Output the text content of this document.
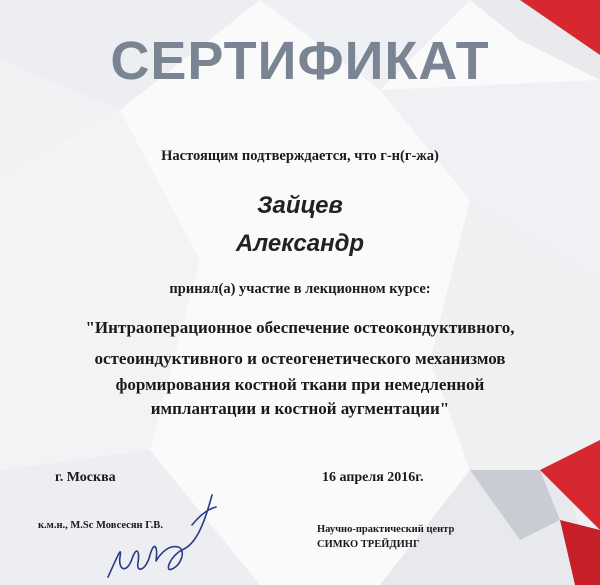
СЕРТИФИКАТ
Настоящим подтверждается, что г-н(г-жа)
Зайцев
Александр
принял(а) участие в лекционном курсе:
"Интраоперационное обеспечение остеокондуктивного,
остеоиндуктивного и остеогенетического механизмов
формирования костной ткани при немедленной
имплантации и костной аугментации"
г. Москва	16 апреля 2016г.
к.м.н., M.Sc Мовсесян Г.В.	Научно-практический центр
СИМКО ТРЕЙДИНГ
